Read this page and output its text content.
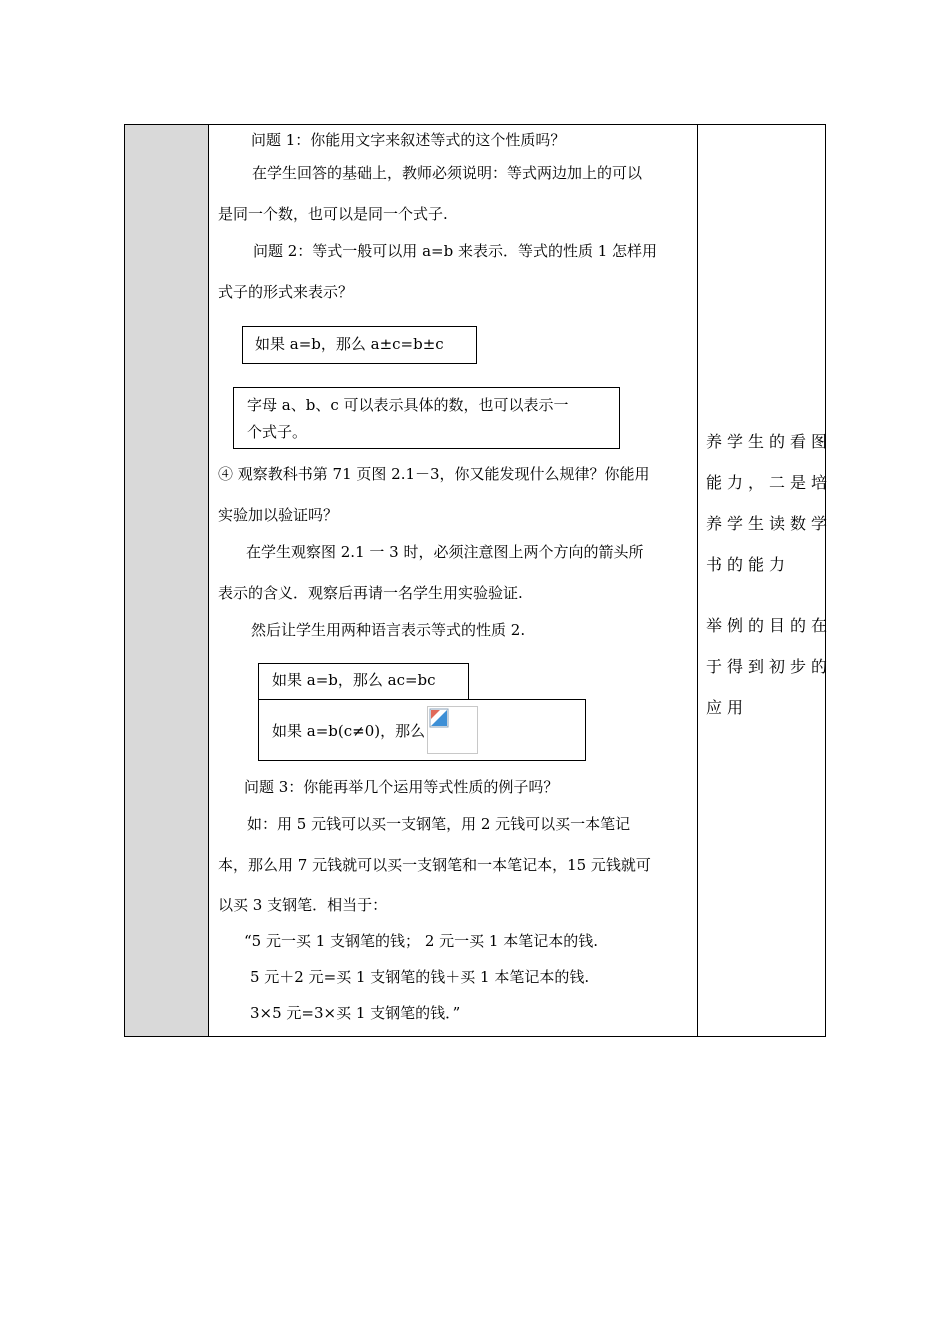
问题 1：你能用文字来叙述等式的这个性质吗？
在学生回答的基础上，教师必须说明：等式两边加上的可以
是同一个数，也可以是同一个式子.
问题 2：等式一般可以用 a=b 来表示．等式的性质 1 怎样用
式子的形式来表示？
如果 a=b，那么 a±c=b±c
字母 a、b、c 可以表示具体的数，也可以表示一
个式子。
④ 观察教科书第 71 页图 2.1－3，你又能发现什么规律？你能用
实验加以验证吗？
在学生观察图 2.1 一 3 时，必须注意图上两个方向的箭头所
表示的含义．观察后再请一名学生用实验验证.
然后让学生用两种语言表示等式的性质 2.
如果 a=b，那么 ac=bc
如果 a=b(c≠0)，那么
问题 3：你能再举几个运用等式性质的例子吗？
如：用 5 元钱可以买一支钢笔，用 2 元钱可以买一本笔记
本，那么用 7 元钱就可以买一支钢笔和一本笔记本，15 元钱就可
以买 3 支钢笔．相当于：
“5 元一买 1 支钢笔的钱； 2 元一买 1 本笔记本的钱.
5 元＋2 元=买 1 支钢笔的钱＋买 1 本笔记本的钱.
3×5 元=3×买 1 支钢笔的钱．”
养学生的看图
能力，二是培
养学生读数学
书的能力
举例的目的在
于得到初步的
应用
